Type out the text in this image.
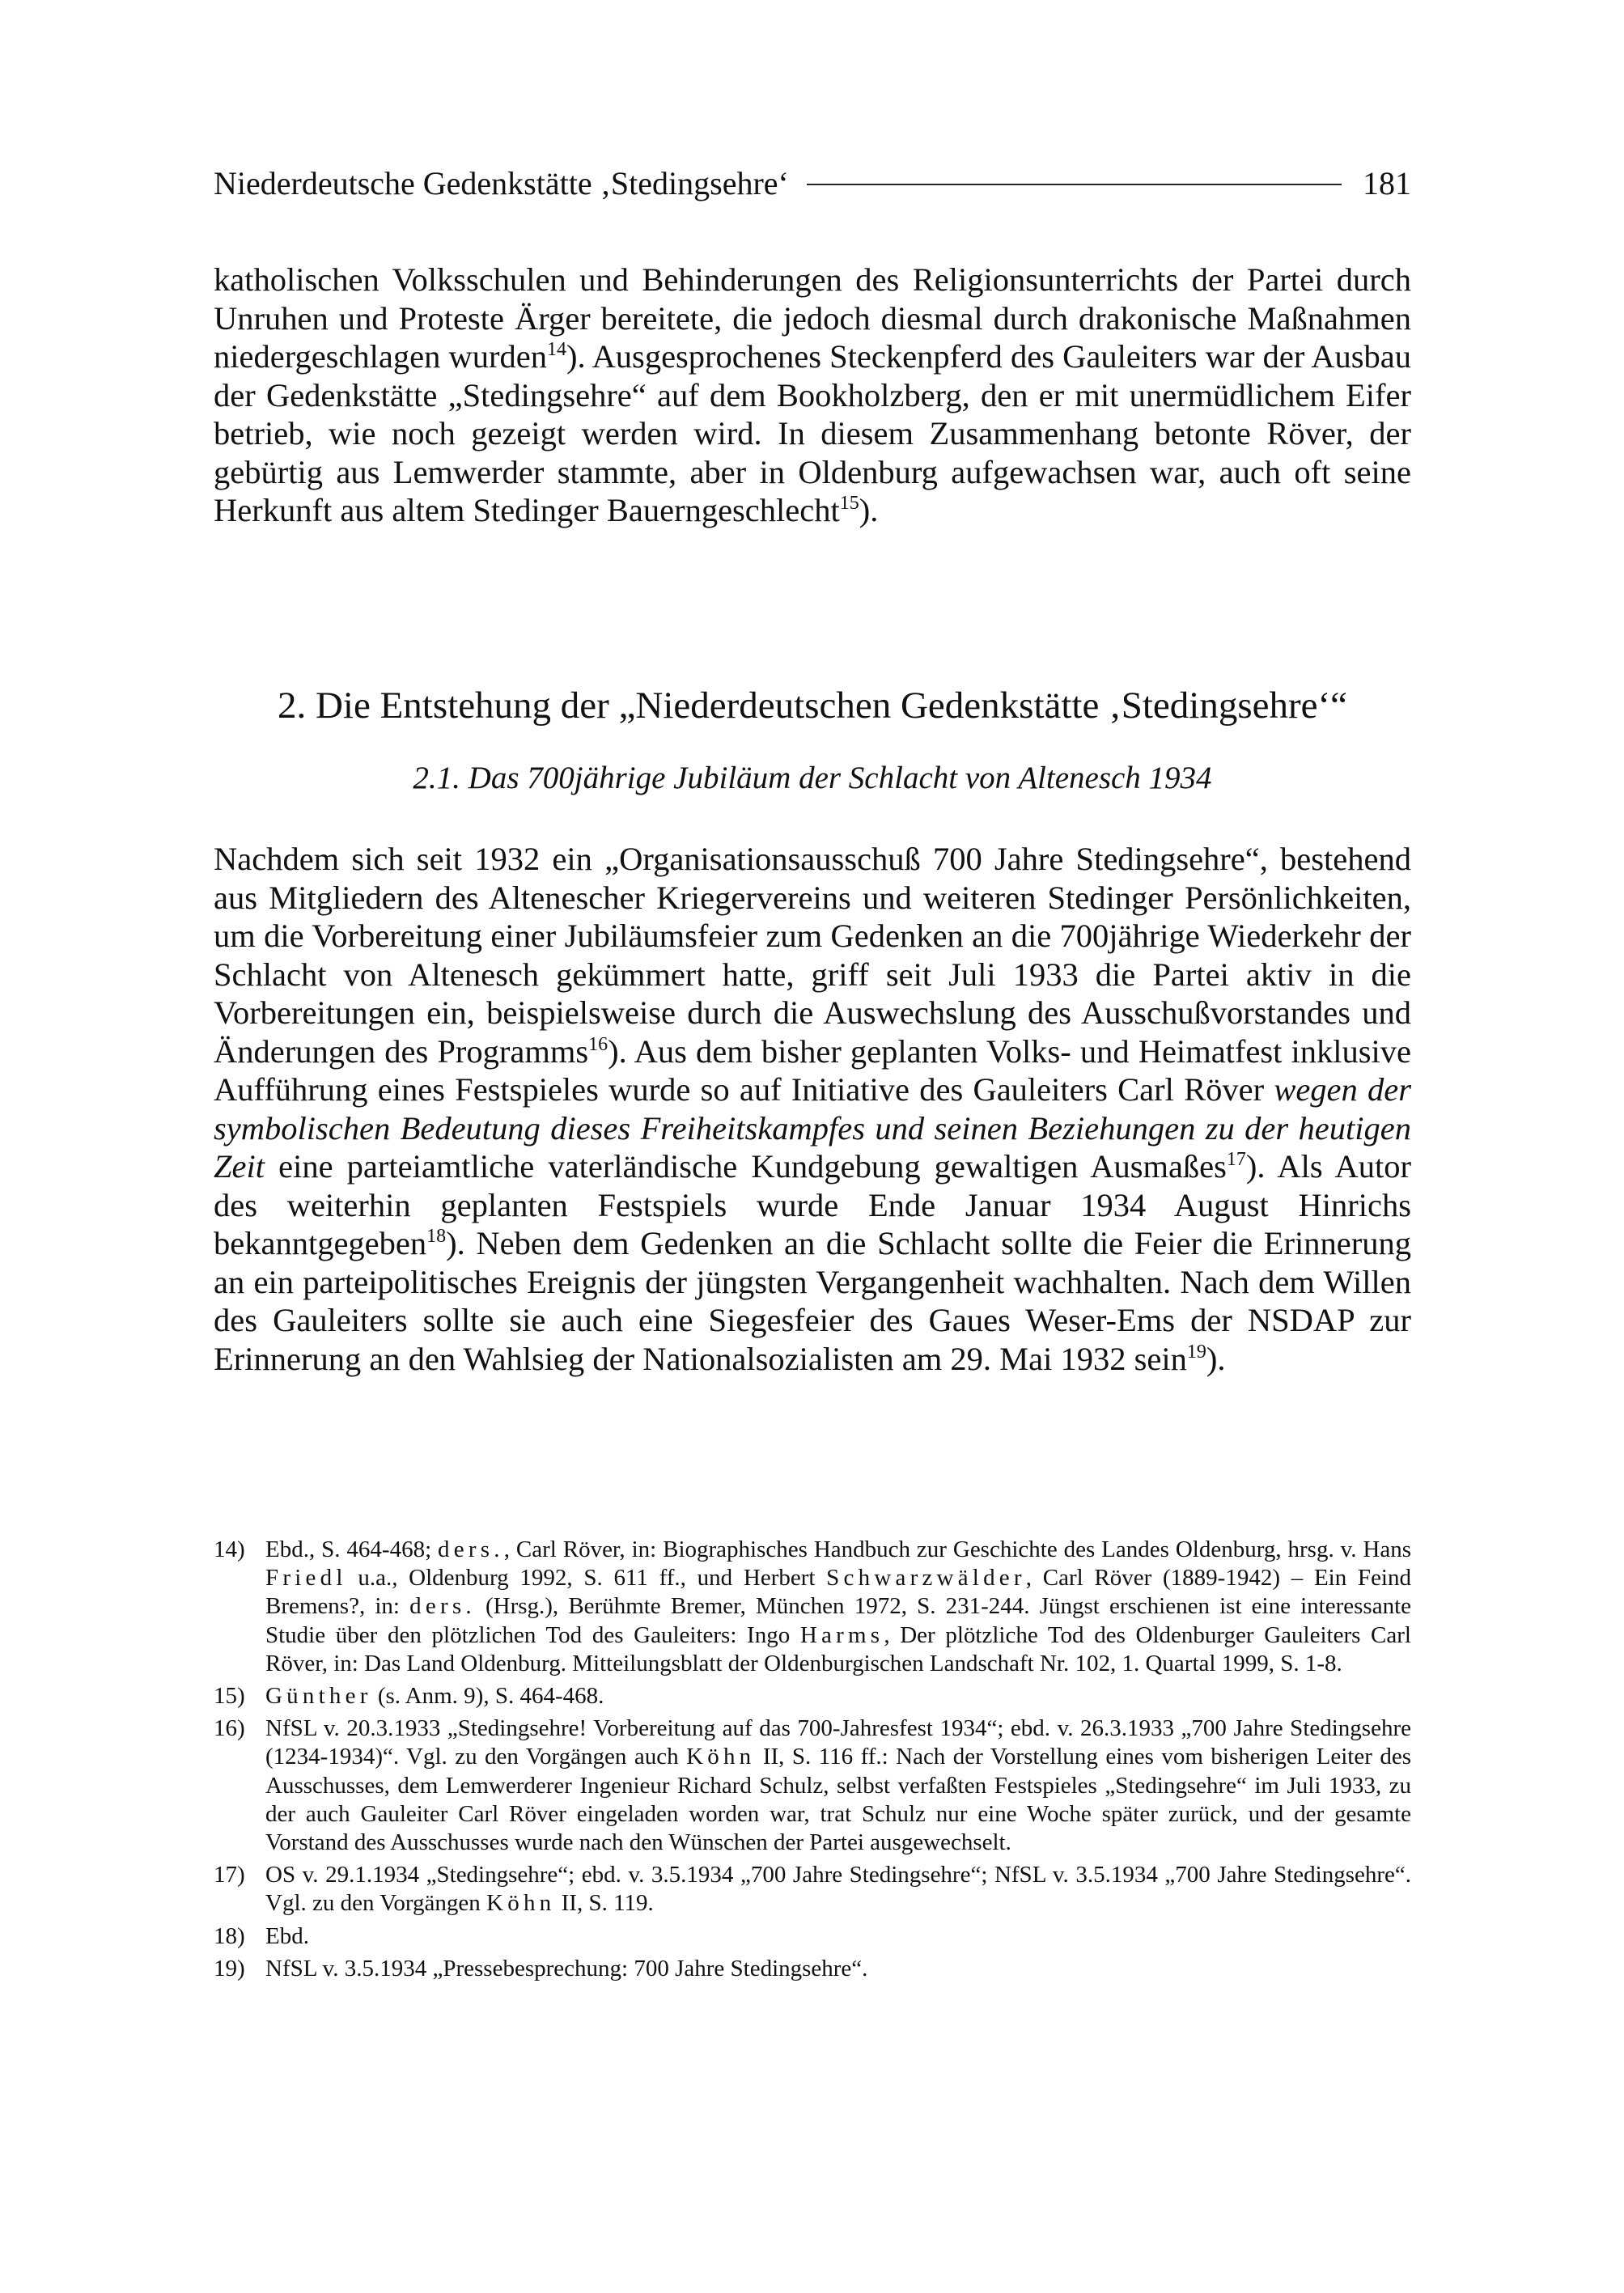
Niederdeutsche Gedenkstätte ‚Stedingsehre‘	181

katholischen Volksschulen und Behinderungen des Religionsunterrichts der Partei durch Unruhen und Proteste Ärger bereitete, die jedoch diesmal durch drakonische Maßnahmen niedergeschlagen wurden$^{14}$). Ausgesprochenes Steckenpferd des Gauleiters war der Ausbau der Gedenkstätte „Stedingsehre“ auf dem Bookholzberg, den er mit unermüdlichem Eifer betrieb, wie noch gezeigt werden wird. In diesem Zusammenhang betonte Röver, der gebürtig aus Lemwerder stammte, aber in Oldenburg aufgewachsen war, auch oft seine Herkunft aus altem Stedinger Bauerngeschlecht$^{15}$).

2. Die Entstehung der „Niederdeutschen Gedenkstätte ‚Stedingsehre‘“
2.1. Das 700jährige Jubiläum der Schlacht von Altenesch 1934

Nachdem sich seit 1932 ein „Organisationsausschuß 700 Jahre Stedingsehre“, bestehend aus Mitgliedern des Altenescher Kriegervereins und weiteren Stedinger Persönlichkeiten, um die Vorbereitung einer Jubiläumsfeier zum Gedenken an die 700jährige Wiederkehr der Schlacht von Altenesch gekümmert hatte, griff seit Juli 1933 die Partei aktiv in die Vorbereitungen ein, beispielsweise durch die Auswechslung des Ausschußvorstandes und Änderungen des Programms$^{16}$). Aus dem bisher geplanten Volks- und Heimatfest inklusive Aufführung eines Festspieles wurde so auf Initiative des Gauleiters Carl Röver wegen der symbolischen Bedeutung dieses Freiheitskampfes und seinen Beziehungen zu der heutigen Zeit eine parteiamtliche vaterländische Kundgebung gewaltigen Ausmaßes$^{17}$). Als Autor des weiterhin geplanten Festspiels wurde Ende Januar 1934 August Hinrichs bekanntgegeben$^{18}$). Neben dem Gedenken an die Schlacht sollte die Feier die Erinnerung an ein parteipolitisches Ereignis der jüngsten Vergangenheit wachhalten. Nach dem Willen des Gauleiters sollte sie auch eine Siegesfeier des Gaues Weser-Ems der NSDAP zur Erinnerung an den Wahlsieg der Nationalsozialisten am 29. Mai 1932 sein$^{19}$).

14) Ebd., S. 464-468; ders., Carl Röver, in: Biographisches Handbuch zur Geschichte des Landes Oldenburg, hrsg. v. Hans Friedl u.a., Oldenburg 1992, S. 611 ff., und Herbert Schwarzwälder, Carl Röver (1889-1942) – Ein Feind Bremens?, in: ders. (Hrsg.), Berühmte Bremer, München 1972, S. 231-244. Jüngst erschienen ist eine interessante Studie über den plötzlichen Tod des Gauleiters: Ingo Harms, Der plötzliche Tod des Oldenburger Gauleiters Carl Röver, in: Das Land Oldenburg. Mitteilungsblatt der Oldenburgischen Landschaft Nr. 102, 1. Quartal 1999, S. 1-8.
15) Günther (s. Anm. 9), S. 464-468.
16) NfSL v. 20.3.1933 „Stedingsehre! Vorbereitung auf das 700-Jahresfest 1934“; ebd. v. 26.3.1933 „700 Jahre Stedingsehre (1234-1934)“. Vgl. zu den Vorgängen auch Köhn II, S. 116 ff.: Nach der Vorstellung eines vom bisherigen Leiter des Ausschusses, dem Lemwerderer Ingenieur Richard Schulz, selbst verfaßten Festspieles „Stedingsehre“ im Juli 1933, zu der auch Gauleiter Carl Röver eingeladen worden war, trat Schulz nur eine Woche später zurück, und der gesamte Vorstand des Ausschusses wurde nach den Wünschen der Partei ausgewechselt.
17) OS v. 29.1.1934 „Stedingsehre“; ebd. v. 3.5.1934 „700 Jahre Stedingsehre“; NfSL v. 3.5.1934 „700 Jahre Stedingsehre“. Vgl. zu den Vorgängen Köhn II, S. 119.
18) Ebd.
19) NfSL v. 3.5.1934 „Pressebesprechung: 700 Jahre Stedingsehre“.
